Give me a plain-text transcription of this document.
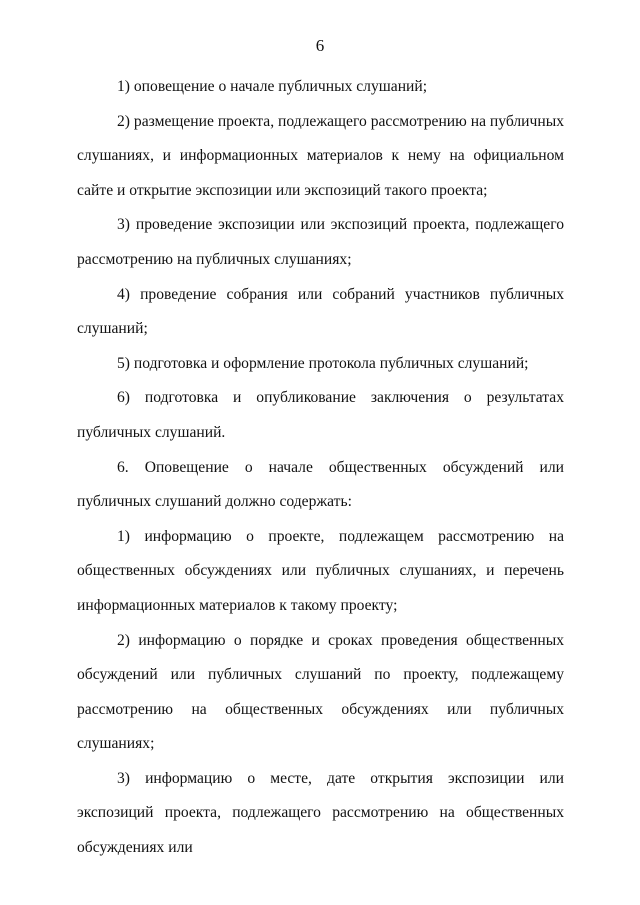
6

1) оповещение о начале публичных слушаний;

2) размещение проекта, подлежащего рассмотрению на публичных слушаниях, и информационных материалов к нему на официальном сайте и открытие экспозиции или экспозиций такого проекта;

3) проведение экспозиции или экспозиций проекта, подлежащего рассмотрению на публичных слушаниях;

4) проведение собрания или собраний участников публичных слушаний;

5) подготовка и оформление протокола публичных слушаний;

6) подготовка и опубликование заключения о результатах публичных слушаний.

6. Оповещение о начале общественных обсуждений или публичных слушаний должно содержать:

1) информацию о проекте, подлежащем рассмотрению на общественных обсуждениях или публичных слушаниях, и перечень информационных материалов к такому проекту;

2) информацию о порядке и сроках проведения общественных обсуждений или публичных слушаний по проекту, подлежащему рассмотрению на общественных обсуждениях или публичных слушаниях;

3) информацию о месте, дате открытия экспозиции или экспозиций проекта, подлежащего рассмотрению на общественных обсуждениях или
